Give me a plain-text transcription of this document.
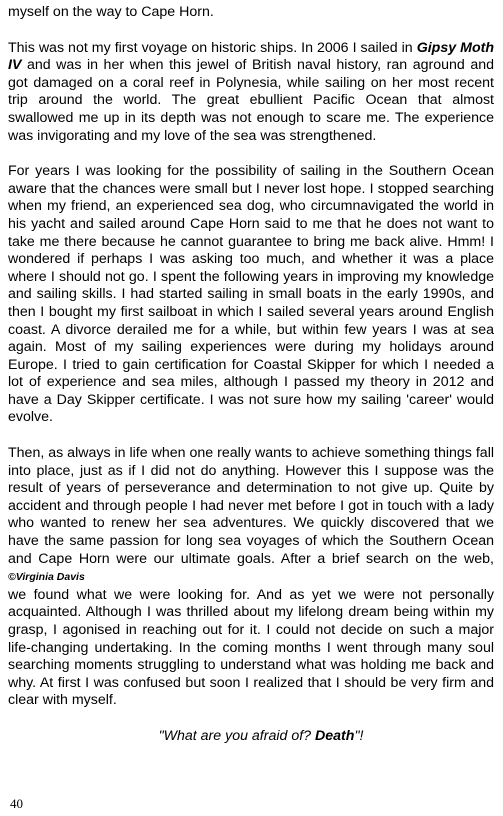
myself on the way to Cape Horn.

This was not my first voyage on historic ships. In 2006 I sailed in Gipsy Moth IV and was in her when this jewel of British naval history, ran aground and got damaged on a coral reef in Polynesia, while sailing on her most recent trip around the world. The great ebullient Pacific Ocean that almost swallowed me up in its depth was not enough to scare me. The experience was invigorating and my love of the sea was strengthened.

For years I was looking for the possibility of sailing in the Southern Ocean aware that the chances were small but I never lost hope. I stopped searching when my friend, an experienced sea dog, who circumnavigated the world in his yacht and sailed around Cape Horn said to me that he does not want to take me there because he cannot guarantee to bring me back alive. Hmm! I wondered if perhaps I was asking too much, and whether it was a place where I should not go. I spent the following years in improving my knowledge and sailing skills. I had started sailing in small boats in the early 1990s, and then I bought my first sailboat in which I sailed several years around English coast. A divorce derailed me for a while, but within few years I was at sea again. Most of my sailing experiences were during my holidays around Europe. I tried to gain certification for Coastal Skipper for which I needed a lot of experience and sea miles, although I passed my theory in 2012 and have a Day Skipper certificate. I was not sure how my sailing 'career' would evolve.

Then, as always in life when one really wants to achieve something things fall into place, just as if I did not do anything. However this I suppose was the result of years of perseverance and determination to not give up. Quite by accident and through people I had never met before I got in touch with a lady who wanted to renew her sea adventures. We quickly discovered that we have the same passion for long sea voyages of which the Southern Ocean and Cape Horn were our ultimate goals. After a brief search on the web, ©Virginia Davis
we found what we were looking for. And as yet we were not personally acquainted. Although I was thrilled about my lifelong dream being within my grasp, I agonised in reaching out for it. I could not decide on such a major life-changing undertaking. In the coming months I went through many soul searching moments struggling to understand what was holding me back and why. At first I was confused but soon I realized that I should be very firm and clear with myself.

"What are you afraid of? Death"!

40
